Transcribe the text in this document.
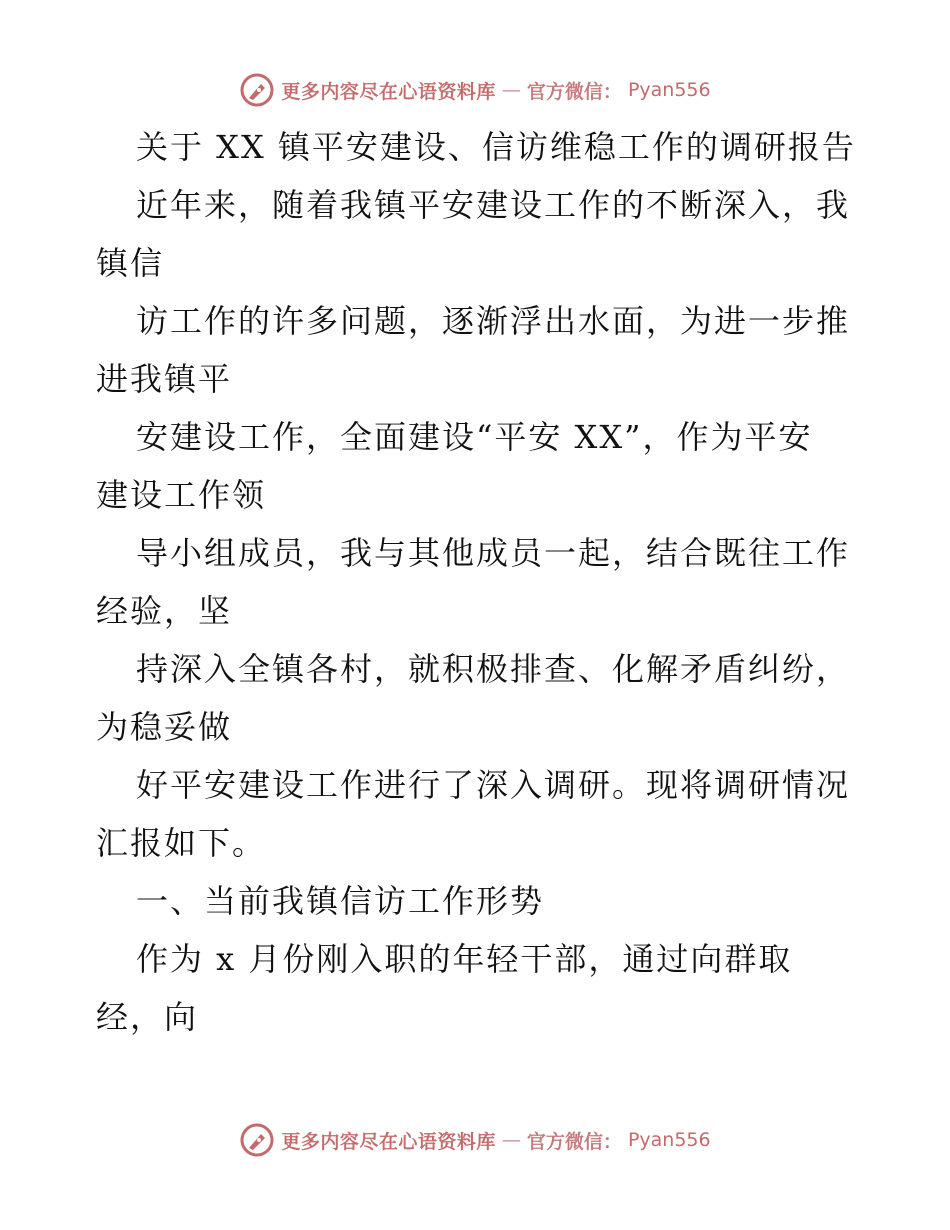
更多内容尽在心语资料库 — 官方微信： Pyan556
关于 XX 镇平安建设、信访维稳工作的调研报告
近年来，随着我镇平安建设工作的不断深入，我
镇信
访工作的许多问题，逐渐浮出水面，为进一步推
进我镇平
安建设工作，全面建设“平安 XX”，作为平安
建设工作领
导小组成员，我与其他成员一起，结合既往工作
经验，坚
持深入全镇各村，就积极排查、化解矛盾纠纷，
为稳妥做
好平安建设工作进行了深入调研。现将调研情况
汇报如下。
一、当前我镇信访工作形势
作为 x 月份刚入职的年轻干部，通过向群取
经，向
更多内容尽在心语资料库 — 官方微信： Pyan556
